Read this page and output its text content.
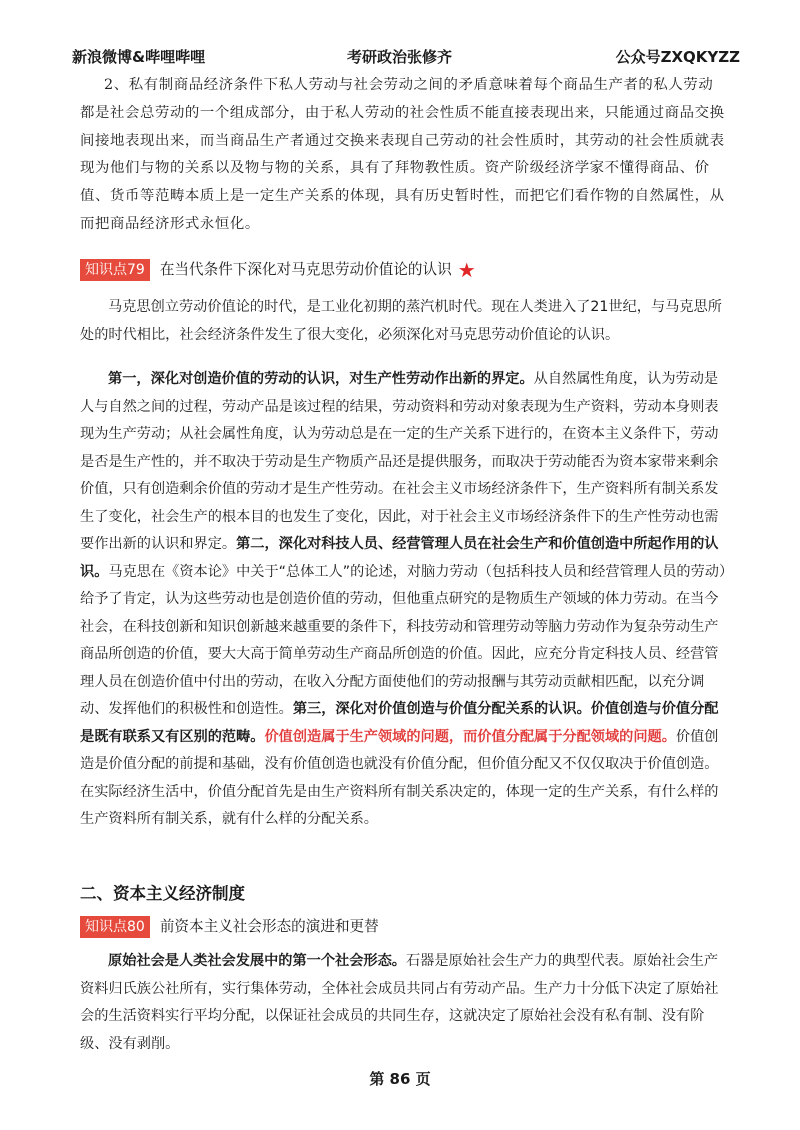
新浪微博&哔哩哔哩	考研政治张修齐	公众号ZXQKYZZ
2、私有制商品经济条件下私人劳动与社会劳动之间的矛盾意味着每个商品生产者的私人劳动都是社会总劳动的一个组成部分，由于私人劳动的社会性质不能直接表现出来，只能通过商品交换间接地表现出来，而当商品生产者通过交换来表现自己劳动的社会性质时，其劳动的社会性质就表现为他们与物的关系以及物与物的关系，具有了拜物教性质。资产阶级经济学家不懂得商品、价值、货币等范畴本质上是一定生产关系的体现，具有历史暂时性，而把它们看作物的自然属性，从而把商品经济形式永恒化。
知识点79 在当代条件下深化对马克思劳动价值论的认识 ★
马克思创立劳动价值论的时代，是工业化初期的蒸汽机时代。现在人类进入了21世纪，与马克思所处的时代相比，社会经济条件发生了很大变化，必须深化对马克思劳动价值论的认识。
第一，深化对创造价值的劳动的认识，对生产性劳动作出新的界定。从自然属性角度，认为劳动是人与自然之间的过程，劳动产品是该过程的结果，劳动资料和劳动对象表现为生产资料，劳动本身则表现为生产劳动；从社会属性角度，认为劳动总是在一定的生产关系下进行的，在资本主义条件下，劳动是否是生产性的，并不取决于劳动是生产物质产品还是提供服务，而取决于劳动能否为资本家带来剩余价值，只有创造剩余价值的劳动才是生产性劳动。在社会主义市场经济条件下，生产资料所有制关系发生了变化，社会生产的根本目的也发生了变化，因此，对于社会主义市场经济条件下的生产性劳动也需要作出新的认识和界定。第二，深化对科技人员、经营管理人员在社会生产和价值创造中所起作用的认识。马克思在《资本论》中关于“总体工人”的论述，对脑力劳动（包括科技人员和经营管理人员的劳动）给予了肯定，认为这些劳动也是创造价值的劳动，但他重点研究的是物质生产领域的体力劳动。在当今社会，在科技创新和知识创新越来越重要的条件下，科技劳动和管理劳动等脑力劳动作为复杂劳动生产商品所创造的价值，要大大高于简单劳动生产商品所创造的价值。因此，应充分肯定科技人员、经营管理人员在创造价值中付出的劳动，在收入分配方面使他们的劳动报酬与其劳动贡献相匹配，以充分调动、发挥他们的积极性和创造性。第三，深化对价值创造与价值分配关系的认识。价值创造与价值分配是既有联系又有区别的范畴。价值创造属于生产领域的问题，而价值分配属于分配领域的问题。价值创造是价值分配的前提和基础，没有价值创造也就没有价值分配，但价值分配又不仅仅取决于价值创造。在实际经济生活中，价值分配首先是由生产资料所有制关系决定的，体现一定的生产关系，有什么样的生产资料所有制关系，就有什么样的分配关系。
二、资本主义经济制度
知识点80 前资本主义社会形态的演进和更替
原始社会是人类社会发展中的第一个社会形态。石器是原始社会生产力的典型代表。原始社会生产资料归氏族公社所有，实行集体劳动，全体社会成员共同占有劳动产品。生产力十分低下决定了原始社会的生活资料实行平均分配，以保证社会成员的共同生存，这就决定了原始社会没有私有制、没有阶级、没有剥削。
第 86 页
